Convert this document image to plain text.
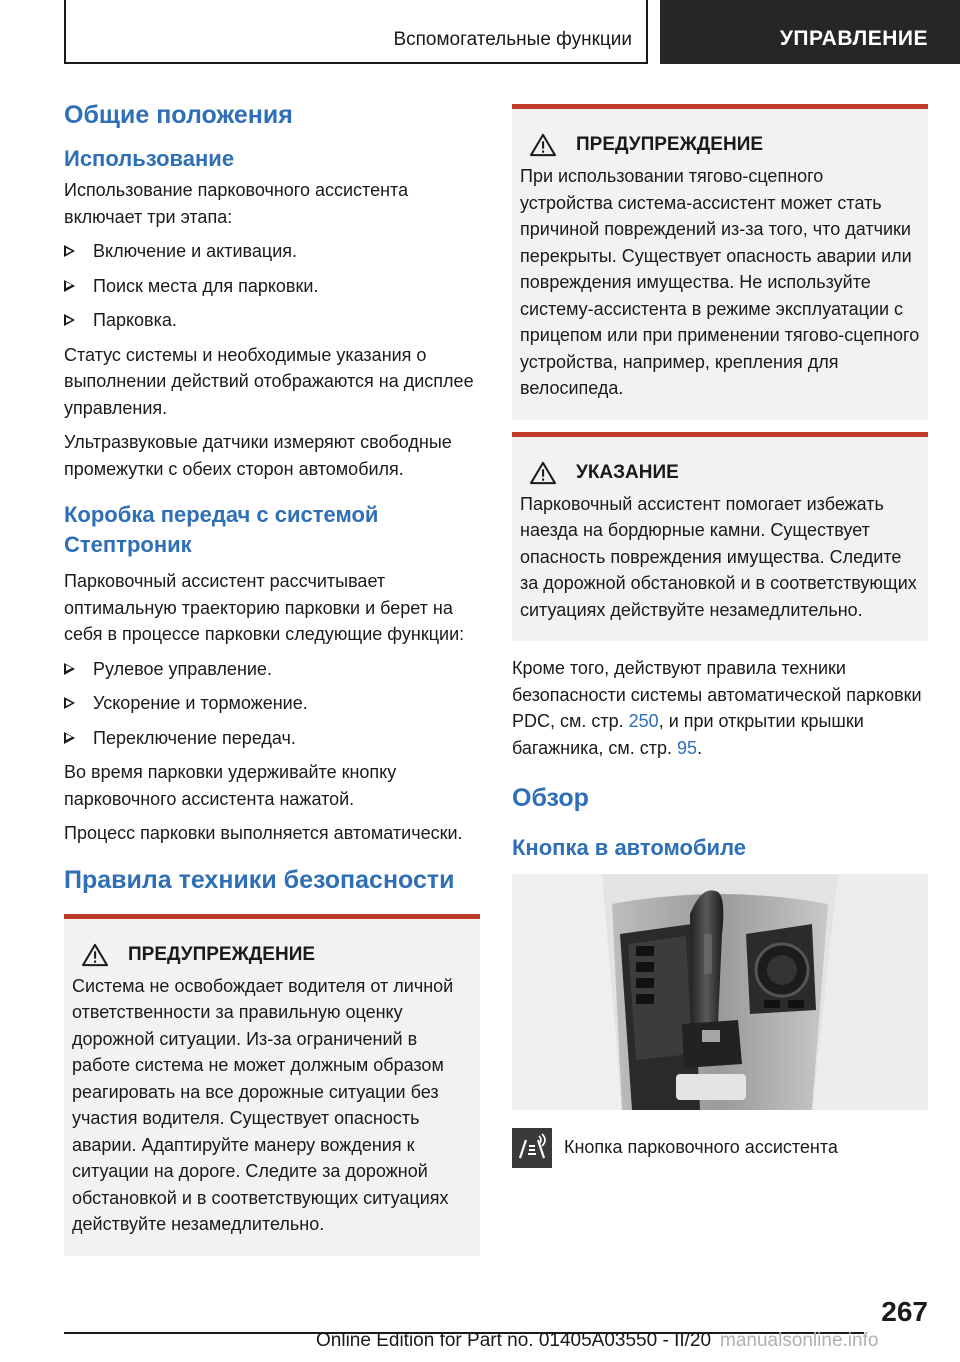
Вспомогательные функции	УПРАВЛЕНИЕ
Общие положения
Использование

Использование парковочного ассистента включает три этапа:

Включение и активация.
Поиск места для парковки.
Парковка.

Статус системы и необходимые указания о выполнении действий отображаются на дисплее управления.

Ультразвуковые датчики измеряют свободные промежутки с обеих сторон автомобиля.

Коробка передач с системой Стептроник

Парковочный ассистент рассчитывает оптимальную траекторию парковки и берет на себя в процессе парковки следующие функции:

Рулевое управление.
Ускорение и торможение.
Переключение передач.

Во время парковки удерживайте кнопку парковочного ассистента нажатой.

Процесс парковки выполняется автоматически.

Правила техники безопасности
ПРЕДУПРЕЖДЕНИЕ

Система не освобождает водителя от личной ответственности за правильную оценку дорожной ситуации. Из-за ограничений в работе система не может должным образом реагировать на все дорожные ситуации без участия водителя. Существует опасность аварии. Адаптируйте манеру вождения к ситуации на дороге. Следите за дорожной обстановкой и в соответствующих ситуациях действуйте незамедлительно.

ПРЕДУПРЕЖДЕНИЕ

При использовании тягово-сцепного устройства система-ассистент может стать причиной повреждений из-за того, что датчики перекрыты. Существует опасность аварии или повреждения имущества. Не используйте систему-ассистента в режиме эксплуатации с прицепом или при применении тягово-сцепного устройства, например, крепления для велосипеда.

УКАЗАНИЕ

Парковочный ассистент помогает избежать наезда на бордюрные камни. Существует опасность повреждения имущества. Следите за дорожной обстановкой и в соответствующих ситуациях действуйте незамедлительно.

Кроме того, действуют правила техники безопасности системы автоматической парковки PDC, см. стр. 250, и при открытии крышки багажника, см. стр. 95.

Обзор
Кнопка в автомобиле

Кнопка парковочного ассистента

267
Online Edition for Part no. 01405A03550 - II/20 manualsonline.info
